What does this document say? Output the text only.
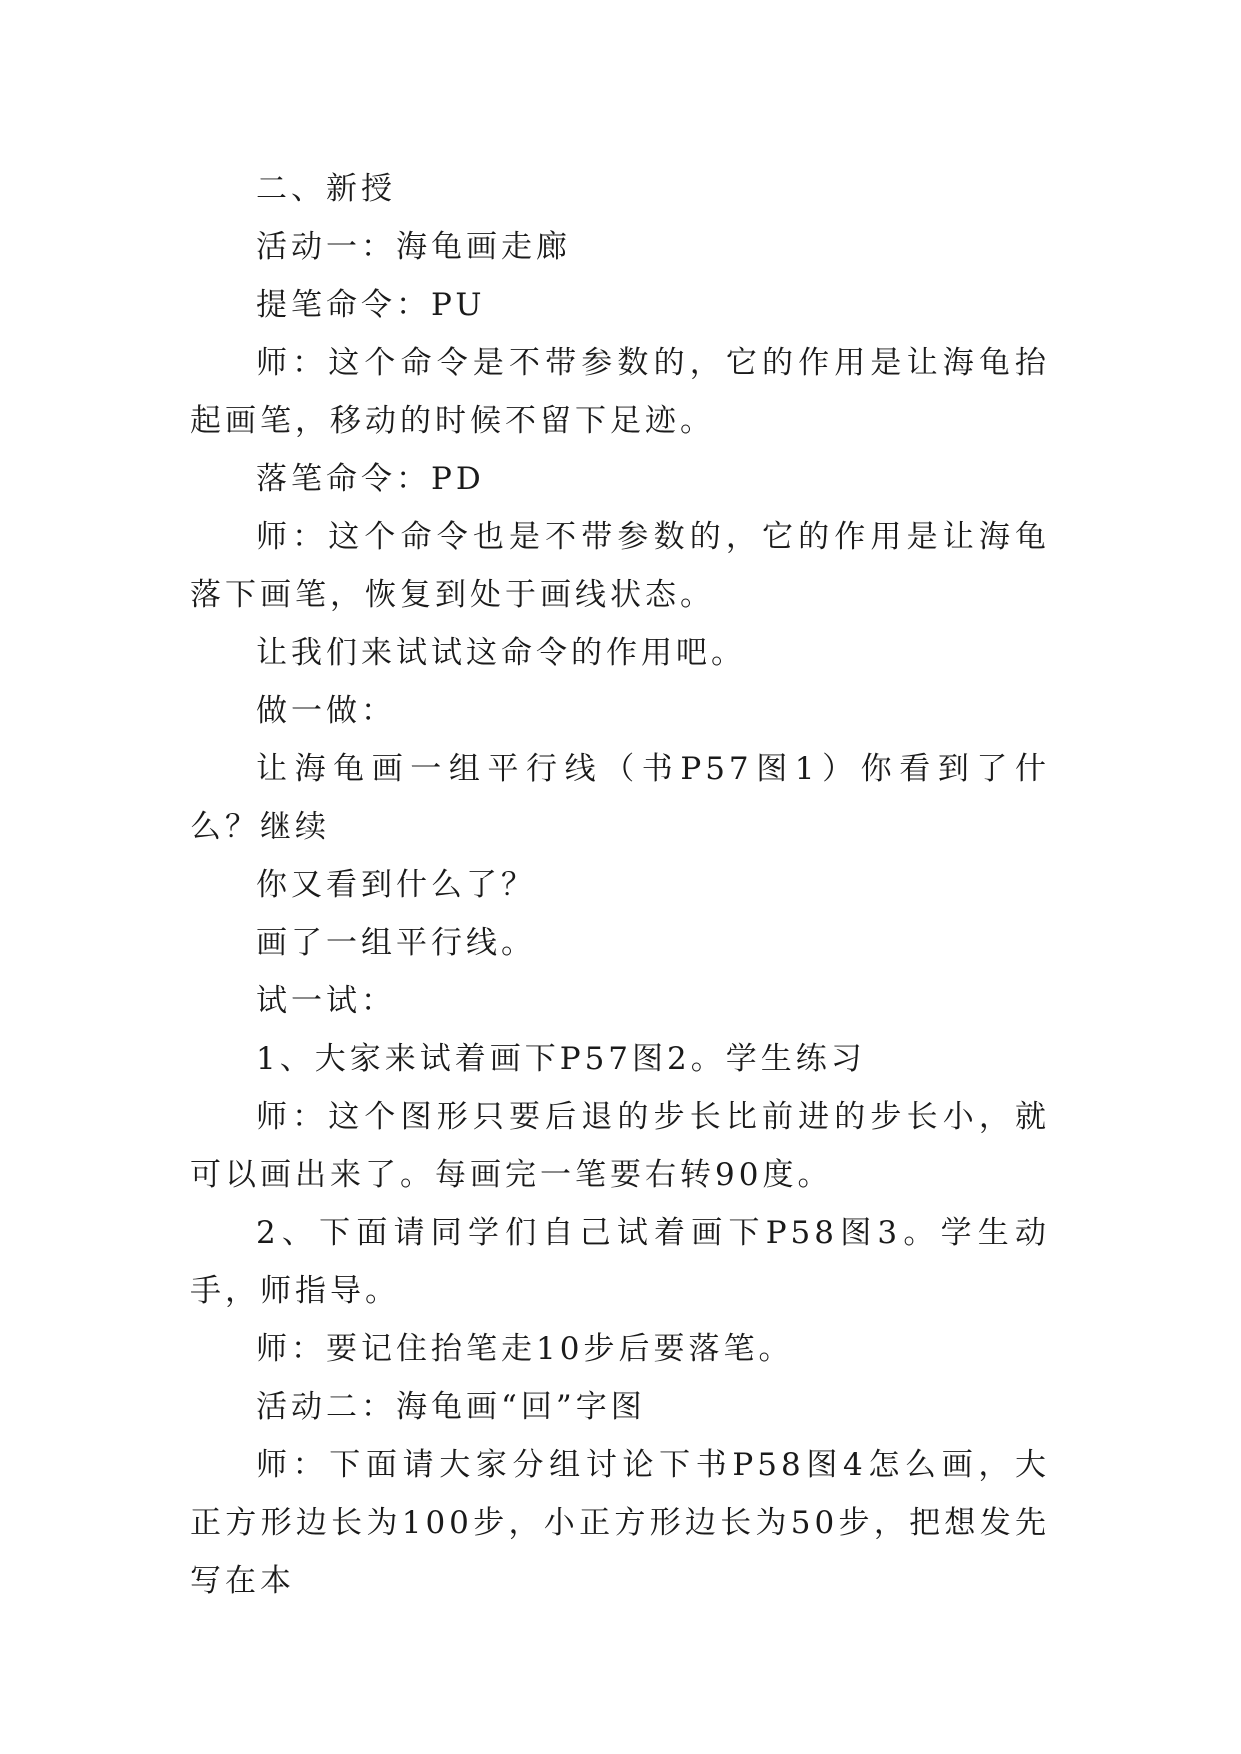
二、新授

活动一：海龟画走廊

提笔命令：PU

师：这个命令是不带参数的，它的作用是让海龟抬起画笔，移动的时候不留下足迹。

落笔命令：PD

师：这个命令也是不带参数的，它的作用是让海龟落下画笔，恢复到处于画线状态。

让我们来试试这命令的作用吧。

做一做：

让海龟画一组平行线（书P57图1）你看到了什么？继续

你又看到什么了？

画了一组平行线。

试一试：

1、大家来试着画下P57图2。学生练习

师：这个图形只要后退的步长比前进的步长小，就可以画出来了。每画完一笔要右转90度。

2、下面请同学们自己试着画下P58图3。学生动手，师指导。

师：要记住抬笔走10步后要落笔。

活动二：海龟画“回”字图

师：下面请大家分组讨论下书P58图4怎么画，大正方形边长为100步，小正方形边长为50步，把想发先写在本
